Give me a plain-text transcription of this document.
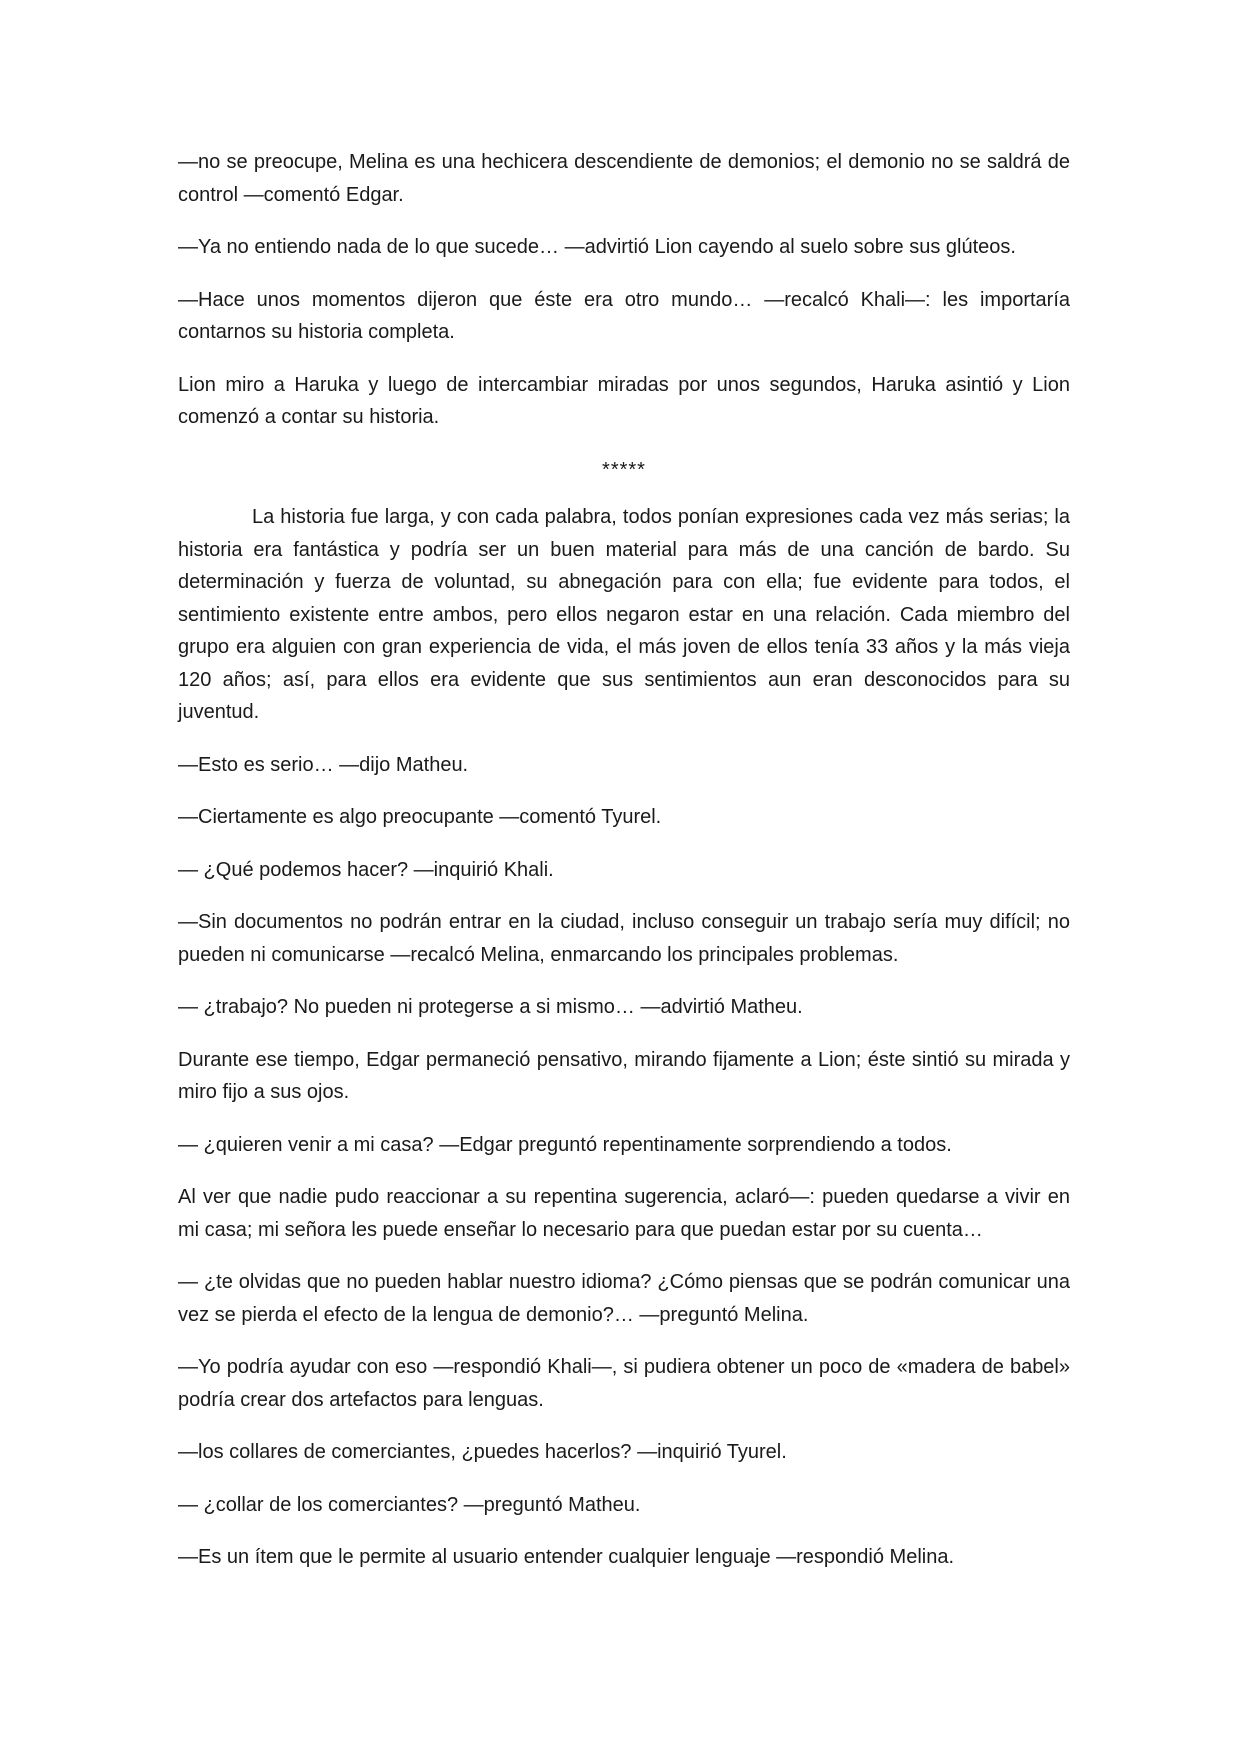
—no se preocupe, Melina es una hechicera descendiente de demonios; el demonio no se saldrá de control —comentó Edgar.

—Ya no entiendo nada de lo que sucede… —advirtió Lion cayendo al suelo sobre sus glúteos.

—Hace unos momentos dijeron que éste era otro mundo… —recalcó Khali—: les importaría contarnos su historia completa.

Lion miro a Haruka y luego de intercambiar miradas por unos segundos, Haruka asintió y Lion comenzó a contar su historia.

*****

La historia fue larga, y con cada palabra, todos ponían expresiones cada vez más serias; la historia era fantástica y podría ser un buen material para más de una canción de bardo. Su determinación y fuerza de voluntad, su abnegación para con ella; fue evidente para todos, el sentimiento existente entre ambos, pero ellos negaron estar en una relación. Cada miembro del grupo era alguien con gran experiencia de vida, el más joven de ellos tenía 33 años y la más vieja 120 años; así, para ellos era evidente que sus sentimientos aun eran desconocidos para su juventud.

—Esto es serio… —dijo Matheu.

—Ciertamente es algo preocupante —comentó Tyurel.

— ¿Qué podemos hacer? —inquirió Khali.

—Sin documentos no podrán entrar en la ciudad, incluso conseguir un trabajo sería muy difícil; no pueden ni comunicarse —recalcó Melina, enmarcando los principales problemas.

— ¿trabajo? No pueden ni protegerse a si mismo… —advirtió Matheu.

Durante ese tiempo, Edgar permaneció pensativo, mirando fijamente a Lion; éste sintió su mirada y miro fijo a sus ojos.

— ¿quieren venir a mi casa? —Edgar preguntó repentinamente sorprendiendo a todos.

Al ver que nadie pudo reaccionar a su repentina sugerencia, aclaró—: pueden quedarse a vivir en mi casa; mi señora les puede enseñar lo necesario para que puedan estar por su cuenta…

— ¿te olvidas que no pueden hablar nuestro idioma? ¿Cómo piensas que se podrán comunicar una vez se pierda el efecto de la lengua de demonio?… —preguntó Melina.

—Yo podría ayudar con eso —respondió Khali—, si pudiera obtener un poco de «madera de babel» podría crear dos artefactos para lenguas.

—los collares de comerciantes, ¿puedes hacerlos? —inquirió Tyurel.

— ¿collar de los comerciantes? —preguntó Matheu.

—Es un ítem que le permite al usuario entender cualquier lenguaje —respondió Melina.
